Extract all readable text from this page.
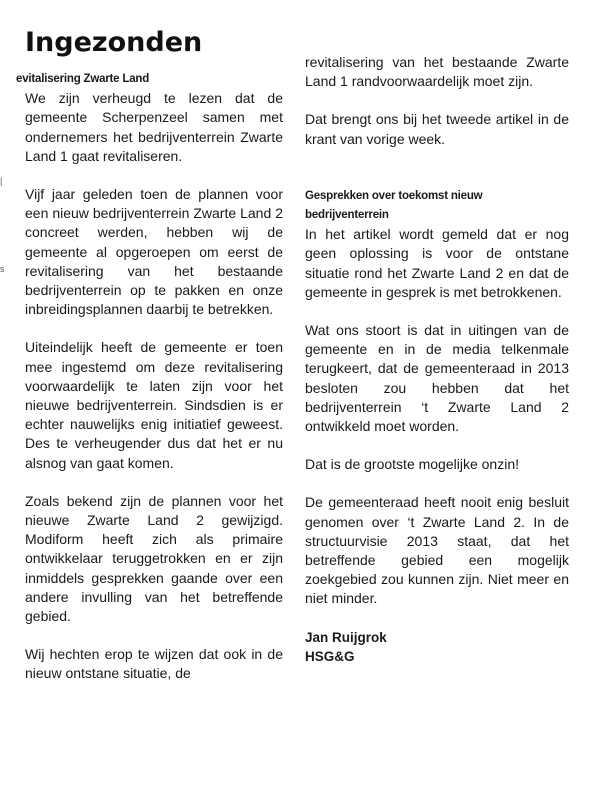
Ingezonden
evitalisering Zwarte Land

We zijn verheugd te lezen dat de gemeente Scherpenzeel samen met ondernemers het bedrijventerrein Zwarte Land 1 gaat revitaliseren.

Vijf jaar geleden toen de plannen voor een nieuw bedrijventerrein Zwarte Land 2 concreet werden, hebben wij de gemeente al opgeroepen om eerst de revitalisering van het bestaande bedrijventerrein op te pakken en onze inbreidingsplannen daarbij te betrekken.

Uiteindelijk heeft de gemeente er toen mee ingestemd om deze revitalisering voorwaardelijk te laten zijn voor het nieuwe bedrijventerrein. Sindsdien is er echter nauwelijks enig initiatief geweest. Des te verheugender dus dat het er nu alsnog van gaat komen.

Zoals bekend zijn de plannen voor het nieuwe Zwarte Land 2 gewijzigd. Modiform heeft zich als primaire ontwikkelaar teruggetrokken en er zijn inmiddels gesprekken gaande over een andere invulling van het betreffende gebied.

Wij hechten erop te wijzen dat ook in de nieuw ontstane situatie, de

revitalisering van het bestaande Zwarte Land 1 randvoorwaardelijk moet zijn.

Dat brengt ons bij het tweede artikel in de krant van vorige week.

Gesprekken over toekomst nieuw bedrijventerrein

In het artikel wordt gemeld dat er nog geen oplossing is voor de ontstane situatie rond het Zwarte Land 2 en dat de gemeente in gesprek is met betrokkenen.

Wat ons stoort is dat in uitingen van de gemeente en in de media telkenmale terugkeert, dat de gemeenteraad in 2013 besloten zou hebben dat het bedrijventerrein ‘t Zwarte Land 2 ontwikkeld moet worden.

Dat is de grootste mogelijke onzin!

De gemeenteraad heeft nooit enig besluit genomen over ‘t Zwarte Land 2. In de structuurvisie 2013 staat, dat het betreffende gebied een mogelijk zoekgebied zou kunnen zijn. Niet meer en niet minder.

Jan Ruijgrok
HSG&G
s
|
